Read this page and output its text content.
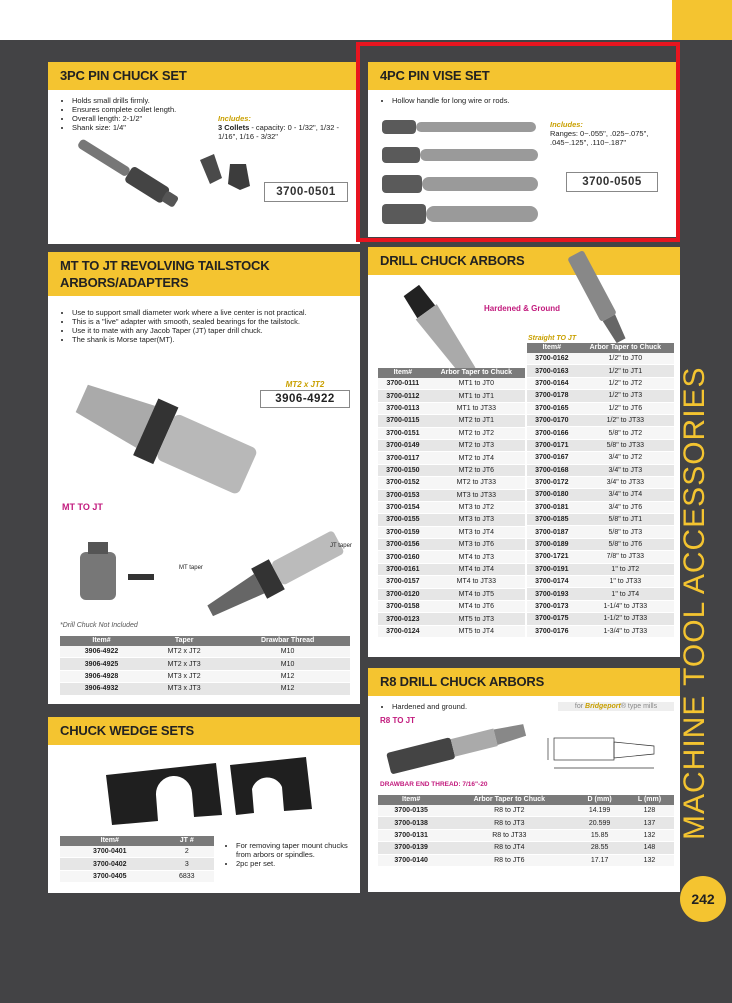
3PC PIN CHUCK SET
• Holds small drills firmly.
• Ensures complete collet length.
• Overall length: 2-1/2"
• Shank size: 1/4"
Includes:
3 Collets - capacity: 0 - 1/32", 1/32 - 1/16", 1/16 - 3/32"
3700-0501
4PC PIN VISE SET
• Hollow handle for long wire or rods.
Includes:
Ranges: 0~.055", .025~.075", .045~.125", .110~.187"
3700-0505
MT TO JT REVOLVING TAILSTOCK
ARBORS/ADAPTERS
• Use to support small diameter work where a live center is not practical.
• This is a "live" adapter with smooth, sealed bearings for the tailstock.
• Use it to mate with any Jacob Taper (JT) taper drill chuck.
• The shank is Morse taper(MT).
MT2 x JT2
3906-4922
MT TO JT
JT taper
MT taper
*Drill Chuck Not Included
Item#	Taper	Drawbar Thread
3906-4922	MT2 x JT2	M10
3906-4925	MT2 x JT3	M10
3906-4928	MT3 x JT2	M12
3906-4932	MT3 x JT3	M12
DRILL CHUCK ARBORS
Hardened & Ground
Straight TO JT
Item#	Arbor Taper to Chuck
3700-0111	MT1 to JT0
3700-0112	MT1 to JT1
3700-0113	MT1 to JT33
3700-0115	MT2 to JT1
3700-0151	MT2 to JT2
3700-0149	MT2 to JT3
3700-0117	MT2 to JT4
3700-0150	MT2 to JT6
3700-0152	MT2 to JT33
3700-0153	MT3 to JT33
3700-0154	MT3 to JT2
3700-0155	MT3 to JT3
3700-0159	MT3 to JT4
3700-0156	MT3 to JT6
3700-0160	MT4 to JT3
3700-0161	MT4 to JT4
3700-0157	MT4 to JT33
3700-0120	MT4 to JT5
3700-0158	MT4 to JT6
3700-0123	MT5 to JT3
3700-0124	MT5 to JT4
Item#	Arbor Taper to Chuck
3700-0162	1/2" to JT0
3700-0163	1/2" to JT1
3700-0164	1/2" to JT2
3700-0178	1/2" to JT3
3700-0165	1/2" to JT6
3700-0170	1/2" to JT33
3700-0166	5/8" to JT2
3700-0171	5/8" to JT33
3700-0167	3/4" to JT2
3700-0168	3/4" to JT3
3700-0172	3/4" to JT33
3700-0180	3/4" to JT4
3700-0181	3/4" to JT6
3700-0185	5/8" to JT1
3700-0187	5/8" to JT3
3700-0189	5/8" to JT6
3700-1721	7/8" to JT33
3700-0191	1" to JT2
3700-0174	1" to JT33
3700-0193	1" to JT4
3700-0173	1-1/4" to JT33
3700-0175	1-1/2" to JT33
3700-0176	1-3/4" to JT33
R8 DRILL CHUCK ARBORS
• Hardened and ground.	for Bridgeport® type mills
R8 TO JT
DRAWBAR END THREAD: 7/16"-20
Item#	Arbor Taper to Chuck	D (mm)	L (mm)
3700-0135	R8 to JT2	14.199	128
3700-0138	R8 to JT3	20.599	137
3700-0131	R8 to JT33	15.85	132
3700-0139	R8 to JT4	28.55	148
3700-0140	R8 to JT6	17.17	132
CHUCK WEDGE SETS
Item#	JT #
3700-0401	2
3700-0402	3
3700-0405	6833
• For removing taper mount chucks from arbors or spindles.
• 2pc per set.
MACHINE TOOL ACCESSORIES
242
